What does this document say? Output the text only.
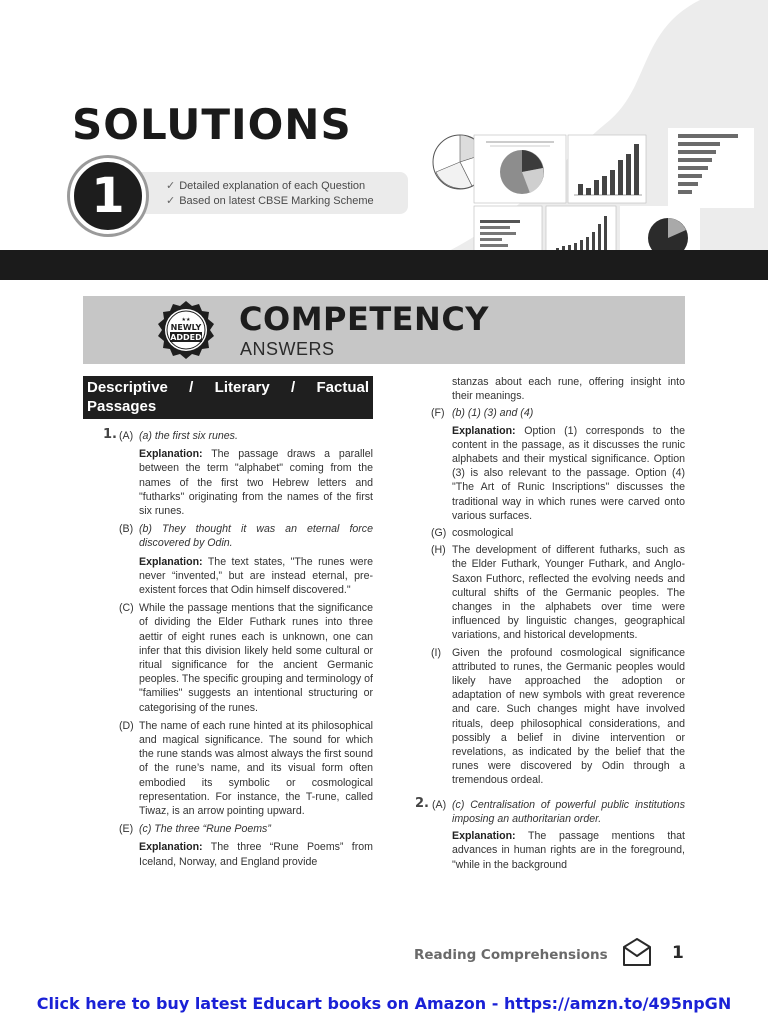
SOLUTIONS
✓ Detailed explanation of each Question
✓ Based on latest CBSE Marking Scheme
1
★★
NEWLY
ADDED COMPETENCY
ANSWERS
Descriptive / Literary / Factual
Passages
1. (A) (a) the first six runes.
Explanation: The passage draws a parallel between the term "alphabet" coming from the names of the first two Hebrew letters and "futharks" originating from the names of the first six runes.
(B) (b) They thought it was an eternal force discovered by Odin.
Explanation: The text states, "The runes were never “invented,” but are instead eternal, pre-existent forces that Odin himself discovered."
(C) While the passage mentions that the significance of dividing the Elder Futhark runes into three aettir of eight runes each is unknown, one can infer that this division likely held some cultural or ritual significance for the ancient Germanic peoples. The specific grouping and terminology of "families" suggests an intentional structuring or categorising of the runes.
(D) The name of each rune hinted at its philosophical and magical significance. The sound for which the rune stands was almost always the first sound of the rune’s name, and its visual form often embodied its symbolic or cosmological representation. For instance, the T-rune, called Tiwaz, is an arrow pointing upward.
(E) (c) The three “Rune Poems”
Explanation: The three “Rune Poems” from Iceland, Norway, and England provide
stanzas about each rune, offering insight into their meanings.
(F) (b) (1) (3) and (4)
Explanation: Option (1) corresponds to the content in the passage, as it discusses the runic alphabets and their mystical significance. Option (3) is also relevant to the passage. Option (4) "The Art of Runic Inscriptions" discusses the traditional way in which runes were carved onto various surfaces.
(G) cosmological
(H) The development of different futharks, such as the Elder Futhark, Younger Futhark, and Anglo-Saxon Futhorc, reflected the evolving needs and cultural shifts of the Germanic peoples. The changes in the alphabets over time were influenced by linguistic changes, geographical variations, and historical developments.
(I) Given the profound cosmological significance attributed to runes, the Germanic peoples would likely have approached the adoption or adaptation of new symbols with great reverence and care. Such changes might have involved rituals, deep philosophical considerations, and possibly a belief in divine intervention or revelations, as indicated by the belief that the runes were discovered by Odin through a tremendous ordeal.
2. (A) (c) Centralisation of powerful public institutions imposing an authoritarian order.
Explanation: The passage mentions that advances in human rights are in the foreground, "while in the background
Reading Comprehensions	1
Click here to buy latest Educart books on Amazon - https://amzn.to/495npGN
